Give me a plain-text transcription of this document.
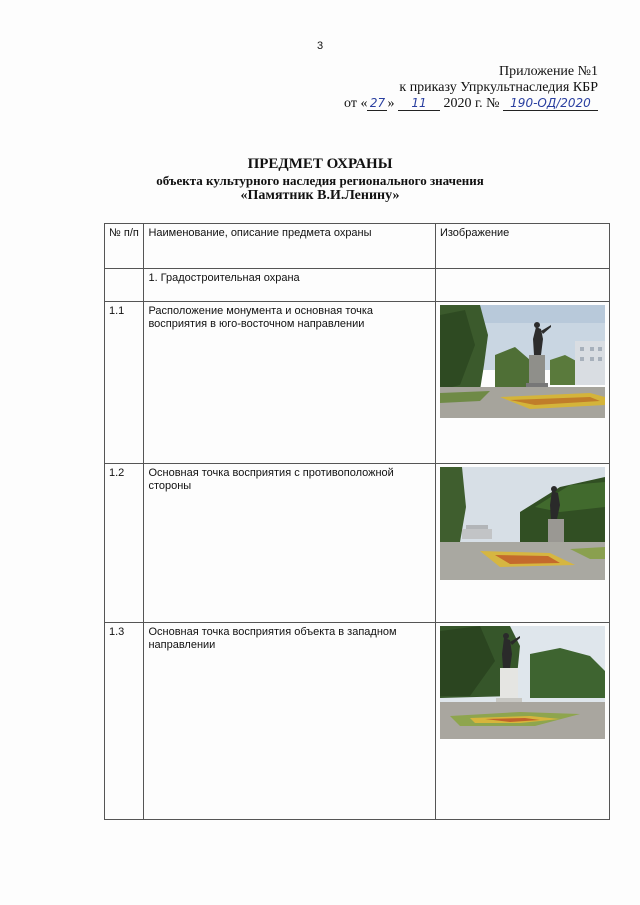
3
Приложение №1
к приказу Упркультнаследия КБР
от « 27 » 11 2020 г. № 190-ОД/2020
ПРЕДМЕТ ОХРАНЫ
объекта культурного наследия регионального значения
«Памятник В.И.Ленину»
№ п/п	Наименование, описание предмета охраны	Изображение
	1. Градостроительная охрана	
1.1	Расположение монумента и основная точка восприятия в юго-восточном направлении	

1.2	Основная точка восприятия с противоположной стороны	

1.3	Основная точка восприятия объекта в западном направлении	
